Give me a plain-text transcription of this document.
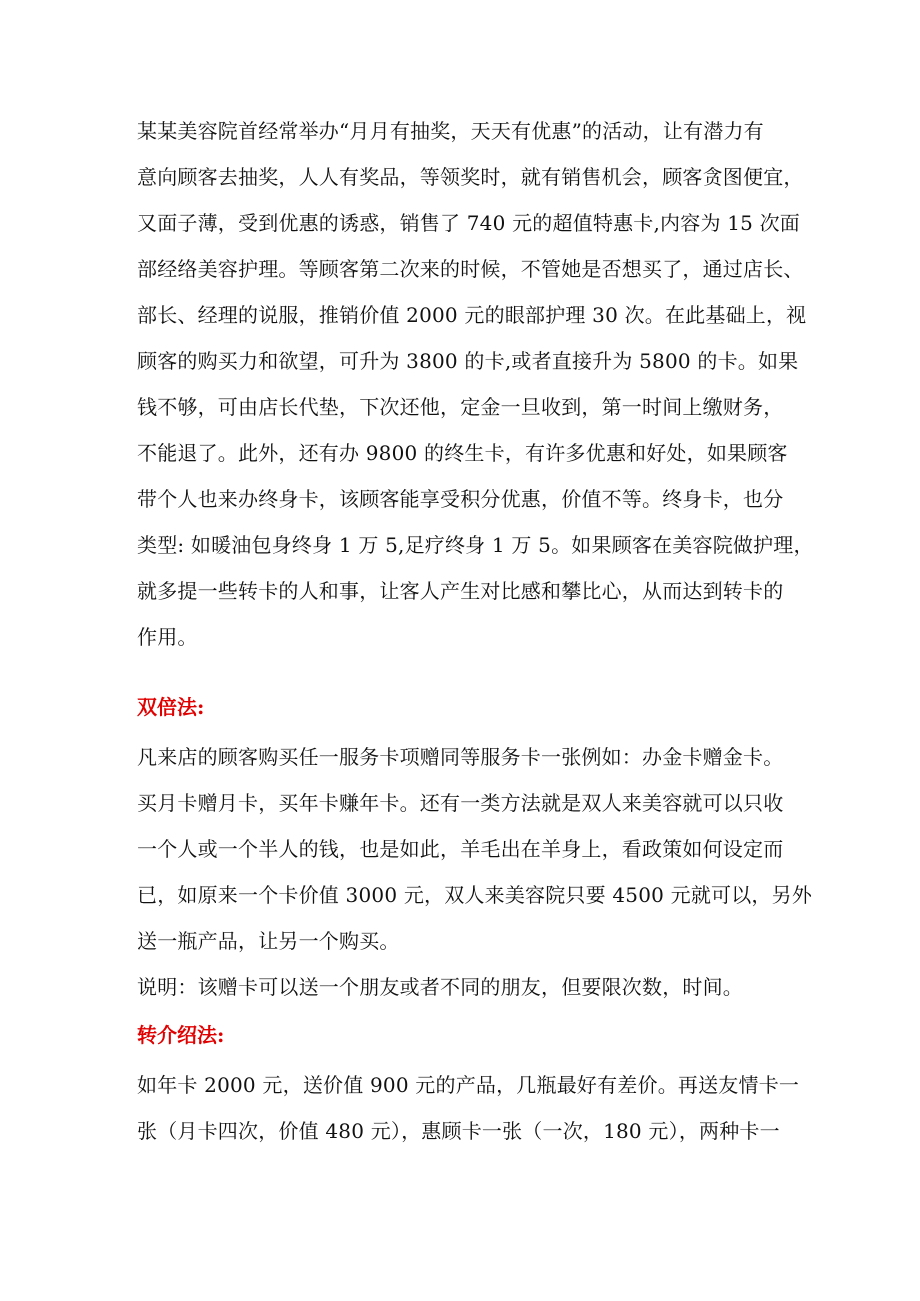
某某美容院首经常举办“月月有抽奖，天天有优惠”的活动，让有潜力有
意向顾客去抽奖，人人有奖品，等领奖时，就有销售机会，顾客贪图便宜，
又面子薄，受到优惠的诱惑，销售了 740 元的超值特惠卡,内容为 15 次面
部经络美容护理。等顾客第二次来的时候，不管她是否想买了，通过店长、
部长、经理的说服，推销价值 2000 元的眼部护理 30 次。在此基础上，视
顾客的购买力和欲望，可升为 3800 的卡,或者直接升为 5800 的卡。如果
钱不够，可由店长代垫，下次还他，定金一旦收到，第一时间上缴财务，
不能退了。此外，还有办 9800 的终生卡，有许多优惠和好处，如果顾客
带个人也来办终身卡，该顾客能享受积分优惠，价值不等。终身卡，也分
类型: 如暖油包身终身 1 万 5,足疗终身 1 万 5。如果顾客在美容院做护理，
就多提一些转卡的人和事，让客人产生对比感和攀比心，从而达到转卡的
作用。
双倍法:
凡来店的顾客购买任一服务卡项赠同等服务卡一张例如：办金卡赠金卡。
买月卡赠月卡，买年卡赚年卡。还有一类方法就是双人来美容就可以只收
一个人或一个半人的钱，也是如此，羊毛出在羊身上，看政策如何设定而
已，如原来一个卡价值 3000 元，双人来美容院只要 4500 元就可以，另外
送一瓶产品，让另一个购买。
说明：该赠卡可以送一个朋友或者不同的朋友，但要限次数，时间。
转介绍法:
如年卡 2000 元，送价值 900 元的产品，几瓶最好有差价。再送友情卡一
张（月卡四次，价值 480 元），惠顾卡一张（一次，180 元），两种卡一
